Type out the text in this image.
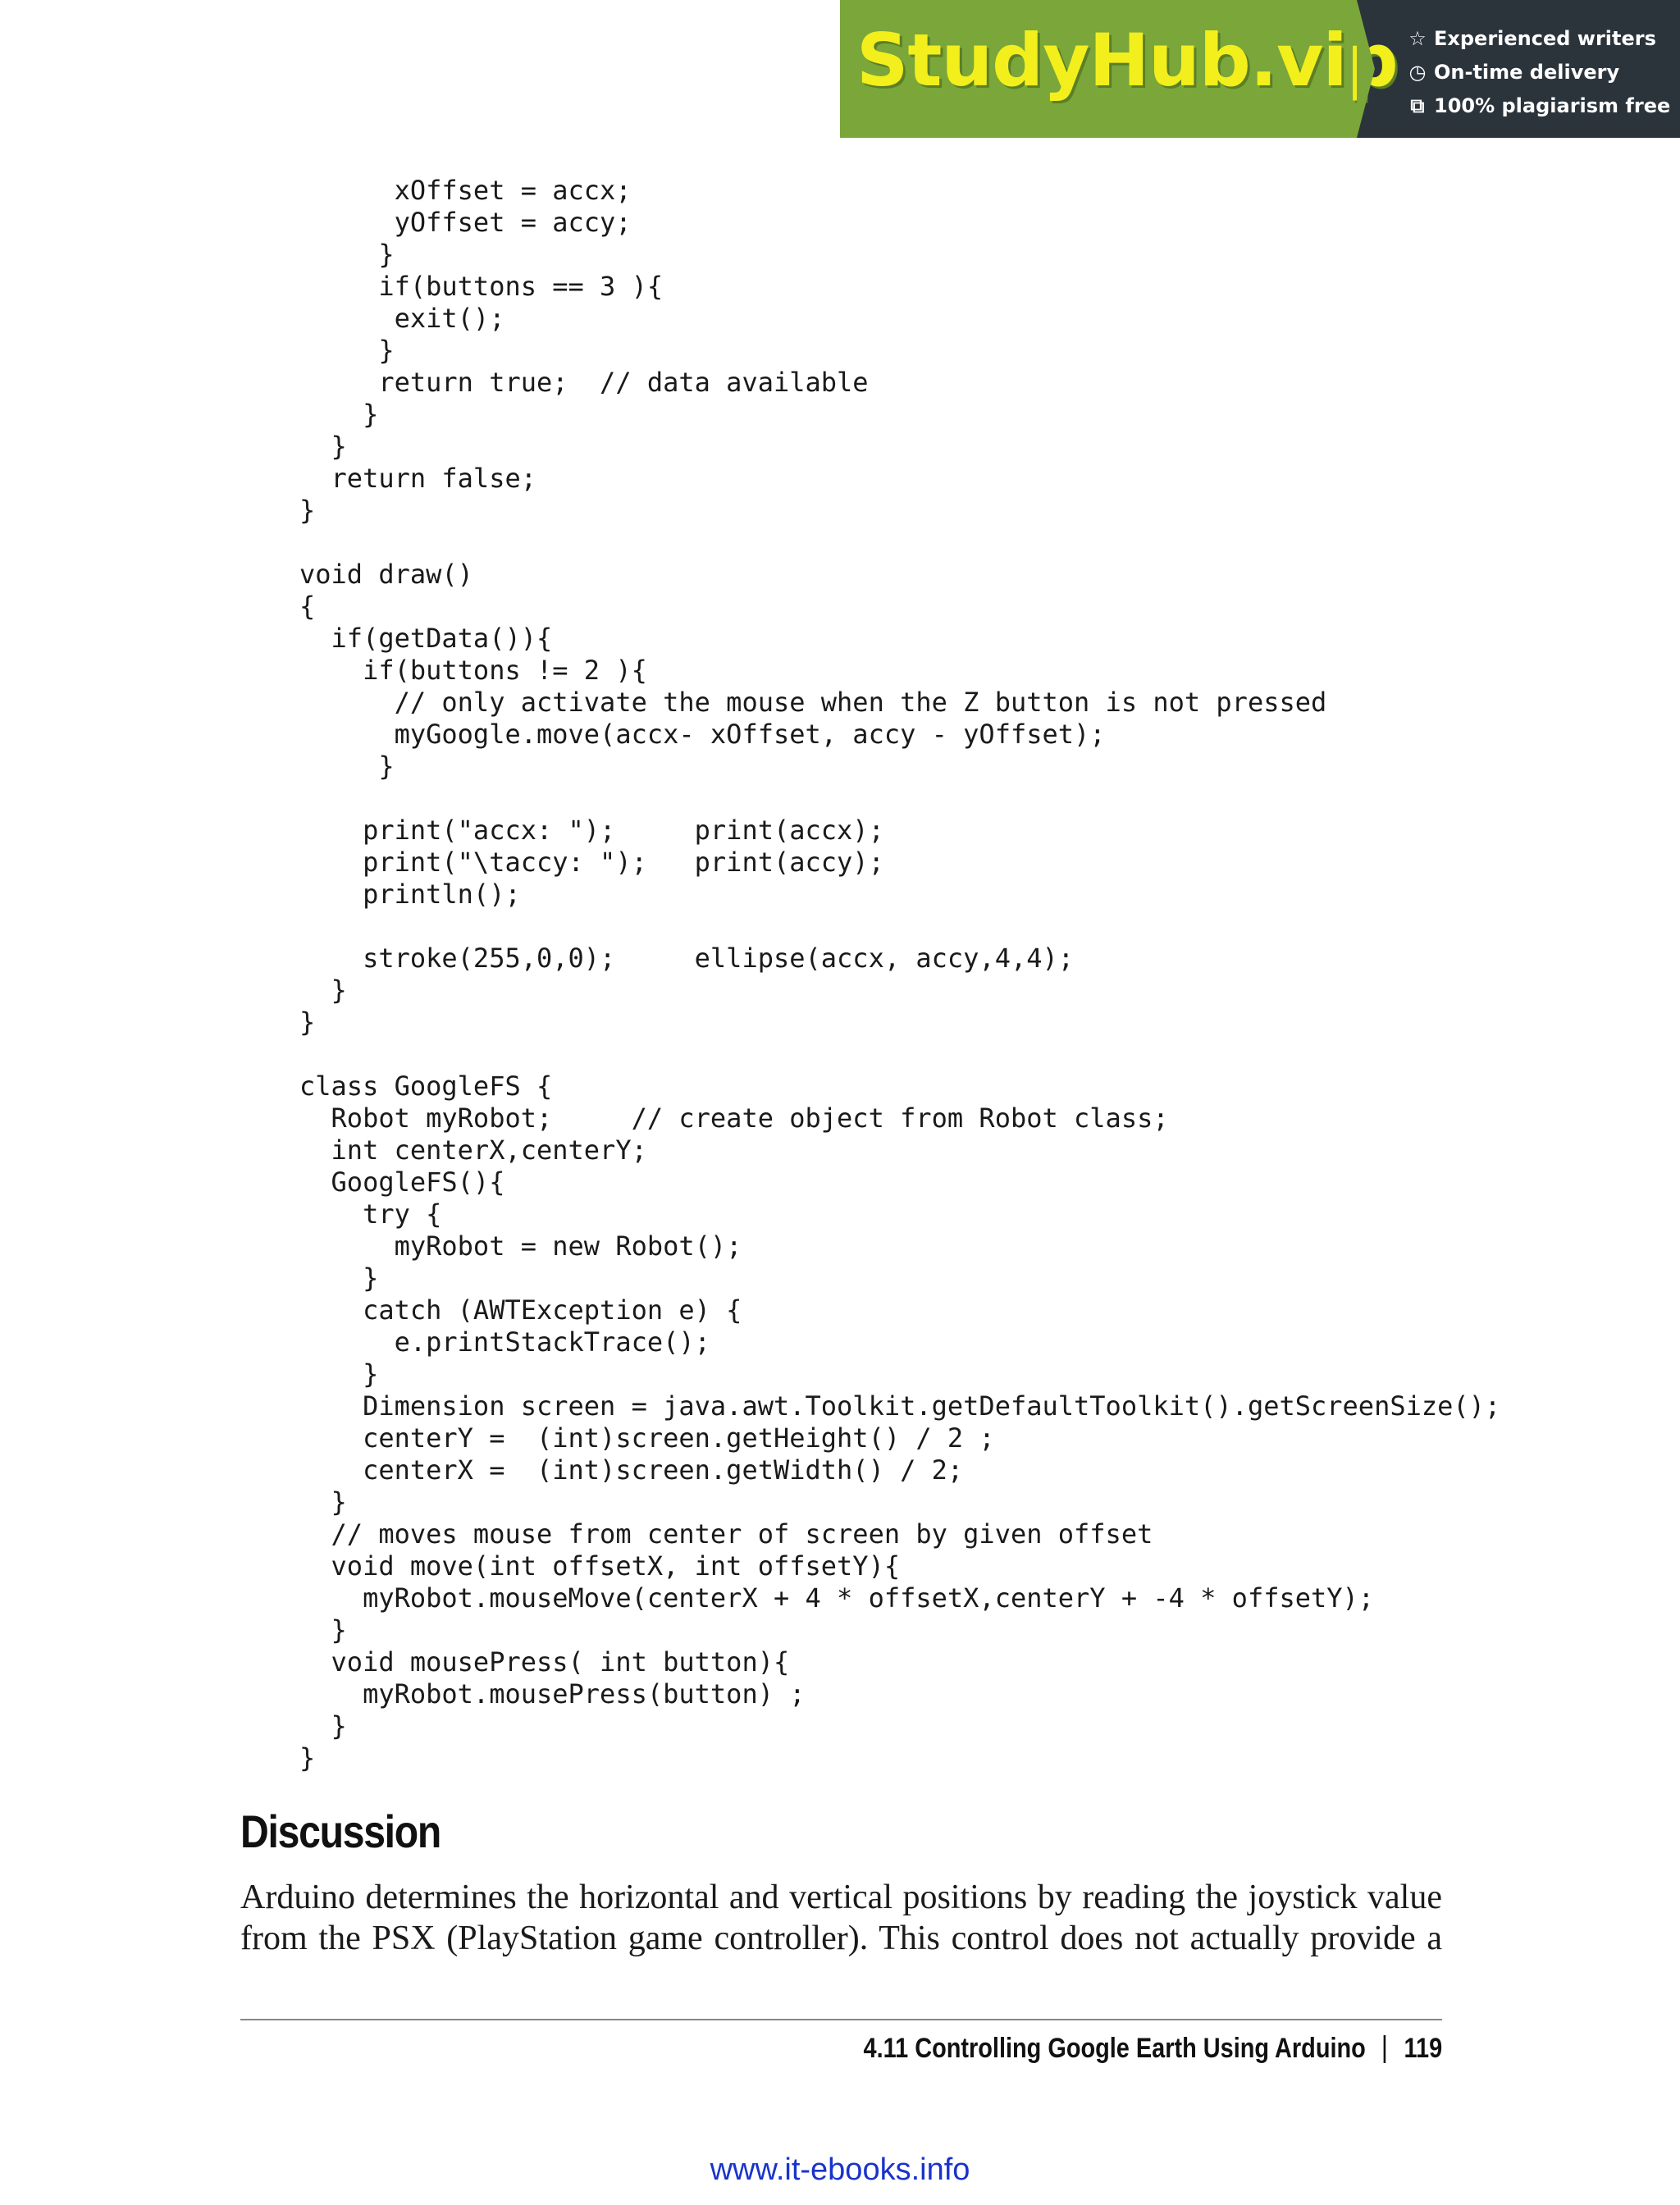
StudyHub.vip ☆ Experienced writers
◷ On-time delivery
⧉ 100% plagiarism free
xOffset = accx;
yOffset = accy;
}
if(buttons == 3 ){
exit();
}
return true;  // data available
}
}
return false;
}

void draw()
{
if(getData()){
if(buttons != 2 ){
// only activate the mouse when the Z button is not pressed
myGoogle.move(accx- xOffset, accy - yOffset);
}

print("accx: ");     print(accx);
print("\taccy: ");   print(accy);
println();

stroke(255,0,0);     ellipse(accx, accy,4,4);
}
}

class GoogleFS {
Robot myRobot;     // create object from Robot class;
int centerX,centerY;
GoogleFS(){
try {
myRobot = new Robot();
}
catch (AWTException e) {
e.printStackTrace();
}
Dimension screen = java.awt.Toolkit.getDefaultToolkit().getScreenSize();
centerY =  (int)screen.getHeight() / 2 ;
centerX =  (int)screen.getWidth() / 2;
}
// moves mouse from center of screen by given offset
void move(int offsetX, int offsetY){
myRobot.mouseMove(centerX + 4 * offsetX,centerY + -4 * offsetY);
}
void mousePress( int button){
myRobot.mousePress(button) ;
}
}
Discussion

Arduino determines the horizontal and vertical positions by reading the joystick value from the PSX (PlayStation game controller). This control does not actually provide a

4.11 Controlling Google Earth Using Arduino 119
www.it-ebooks.info
